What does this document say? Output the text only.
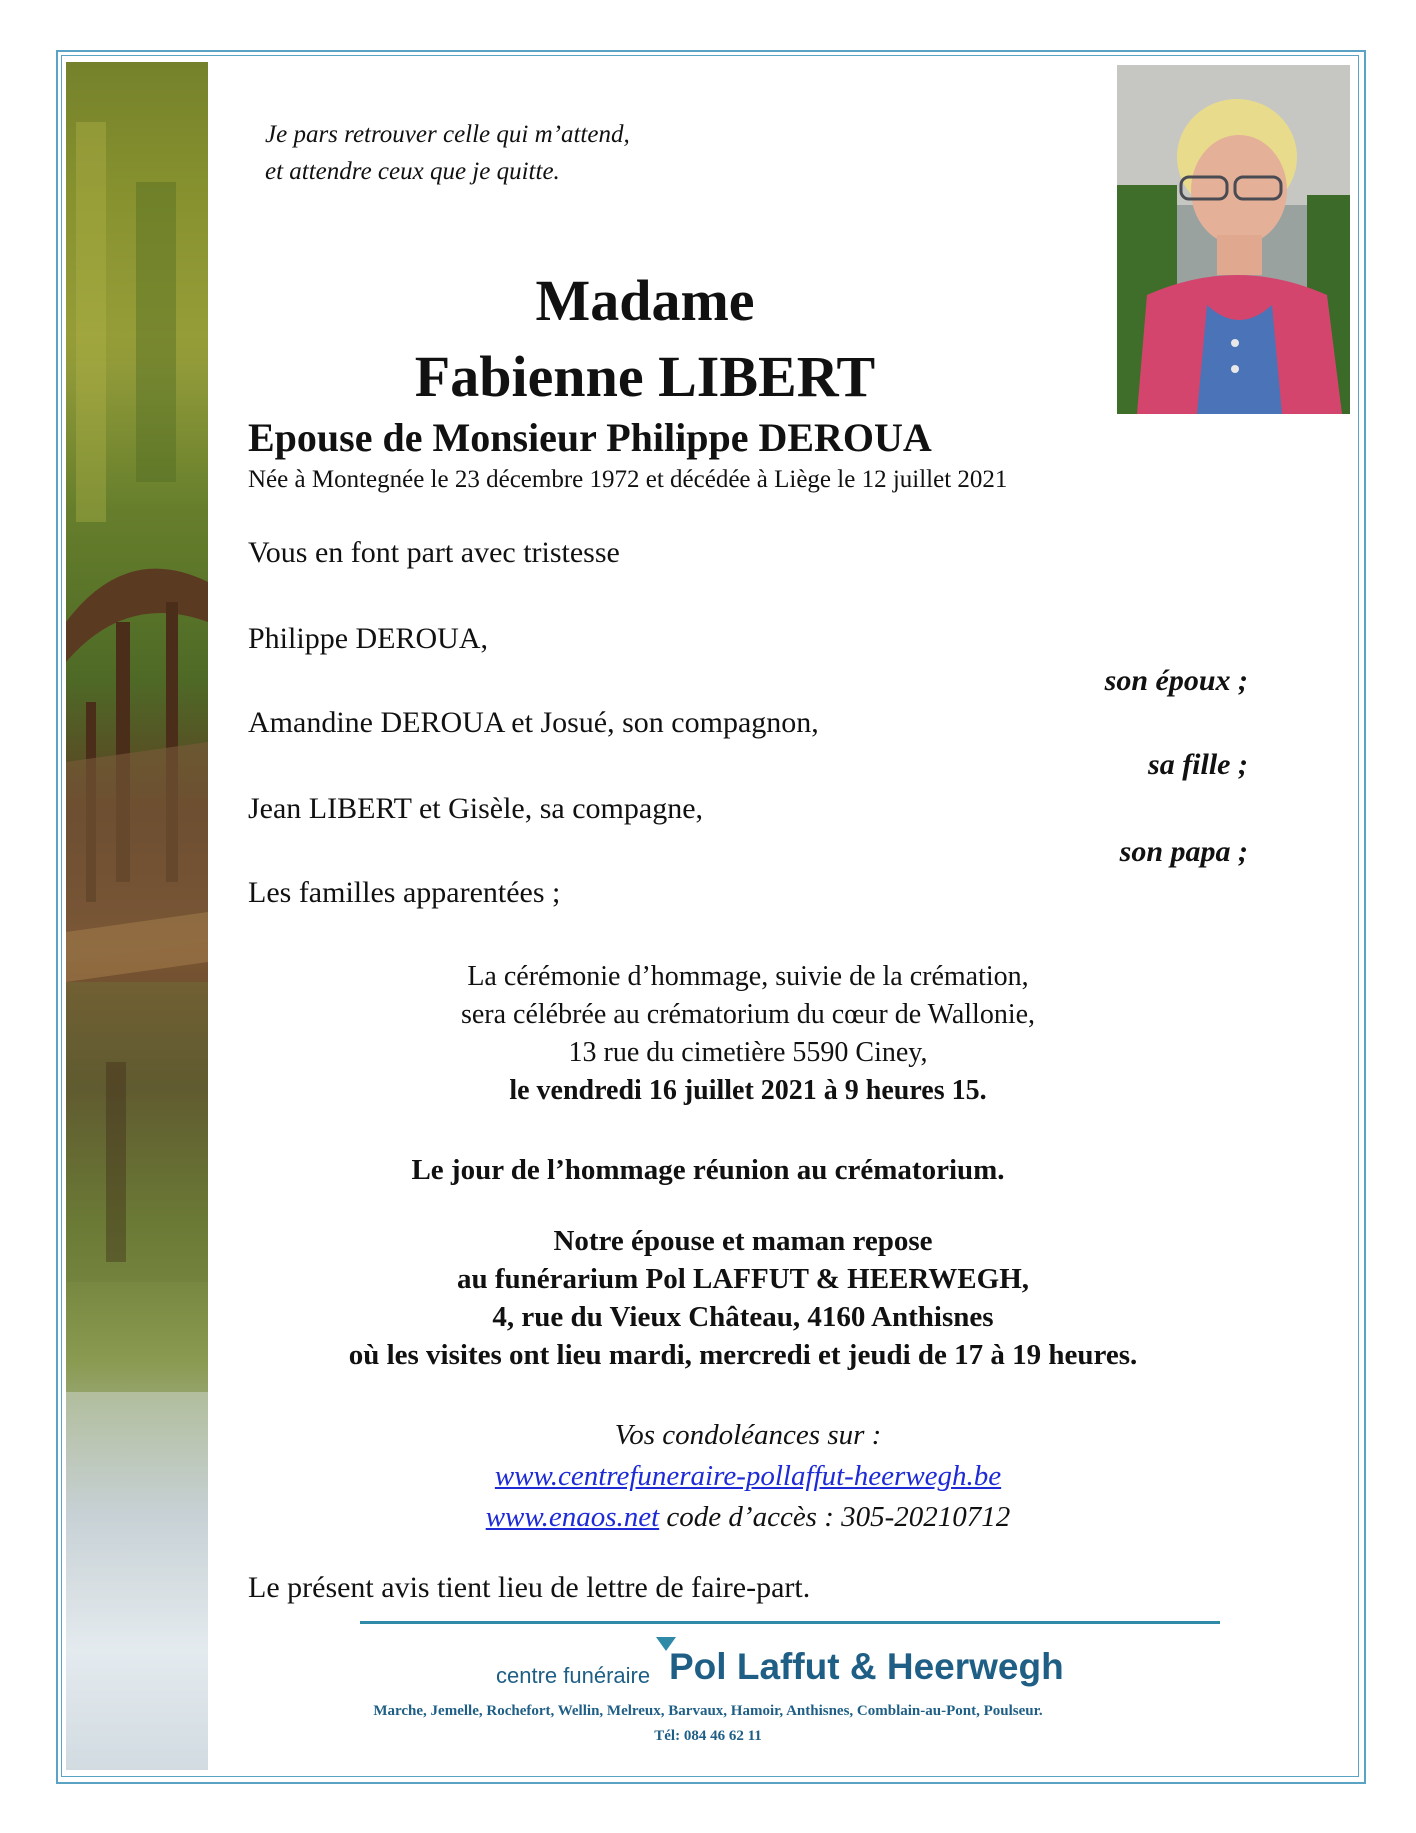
Je pars retrouver celle qui m’attend,
et attendre ceux que je quitte.
Madame
Fabienne LIBERT
Epouse de Monsieur Philippe DEROUA
Née à Montegnée le 23 décembre 1972 et décédée à Liège le 12 juillet 2021
Vous en font part avec tristesse
Philippe DEROUA,
son époux ;
Amandine DEROUA et Josué, son compagnon,
sa fille ;
Jean LIBERT et Gisèle, sa compagne,
son papa ;
Les familles apparentées ;
La cérémonie d’hommage, suivie de la crémation,
sera célébrée au crématorium du cœur de Wallonie,
13 rue du cimetière 5590 Ciney,
le vendredi 16 juillet 2021 à 9 heures 15.
Le jour de l’hommage réunion au crématorium.
Notre épouse et maman repose
au funérarium Pol LAFFUT & HEERWEGH,
4, rue du Vieux Château, 4160 Anthisnes
où les visites ont lieu mardi, mercredi et jeudi de 17 à 19 heures.
Vos condoléances sur :
www.centrefuneraire-pollaffut-heerwegh.be
www.enaos.net code d’accès : 305-20210712
Le présent avis tient lieu de lettre de faire-part.
centre funéraire Pol Laffut & Heerwegh
Marche, Jemelle, Rochefort, Wellin, Melreux, Barvaux, Hamoir, Anthisnes, Comblain-au-Pont, Poulseur.
Tél: 084 46 62 11
